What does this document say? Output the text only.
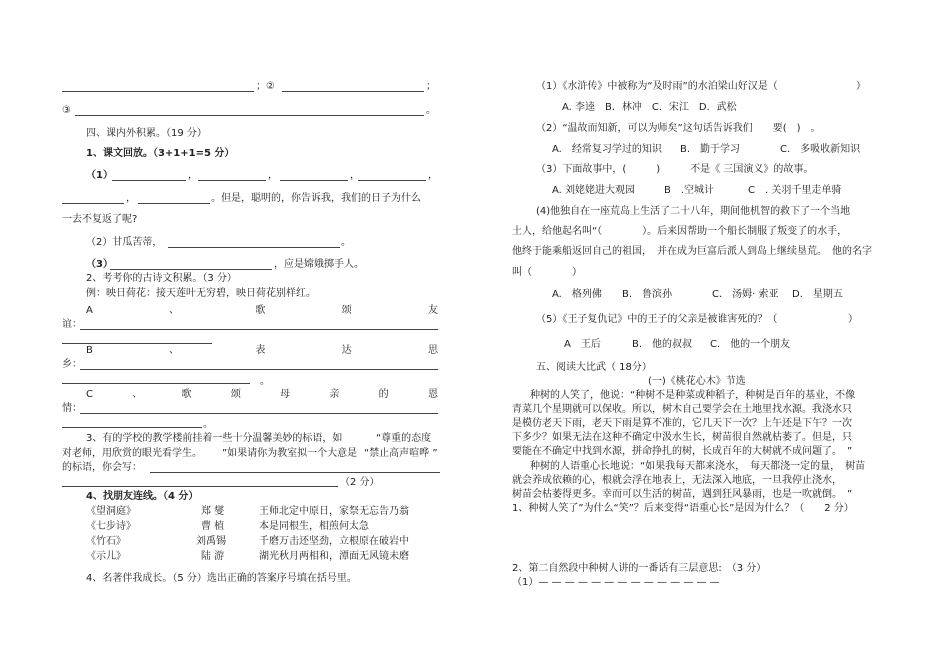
；②	；
③	。
四、课内外积累。（19 分）
1、课文回放。（3+1+1=5 分）
（1）	，	，	，	，
，	。但是，聪明的，你告诉我，我们的日子为什么
一去不复返了呢?
（2）甘瓜苦蒂，	。
（3）	，应是嫦娥掷手人。
2、考考你的古诗文积累。（3 分）
例：映日荷花：接天莲叶无穷碧，映日荷花别样红。
A	、	歌	颂	友
谊：
B	、	表	达	思
乡：
。
C	、	歌	颂	母	亲	的	恩
情：
。
3、有的学校的教学楼前挂着一些十分温馨美妙的标语，如	“尊重的态度
对老师，用欣赏的眼光看学生。 ”如果请你为教室拟一个大意是 “禁止高声喧哗 ”
的标语，你会写：
（2 分）
4、找朋友连线。（4 分）
《望洞庭》	郑 燮	王师北定中原日，家祭无忘告乃翁
《七步诗》	曹 植	本是同根生，相煎何太急
《竹石》	刘禹锡	千磨万击还坚劲，立根原在破岩中
《示儿》	陆 游	湖光秋月两相和，潭面无风镜未磨
4、名著伴我成长。（5 分）选出正确的答案序号填在括号里。
（1）《水浒传》中被称为“及时雨”的水泊梁山好汉是（	）
A. 李逵　B．林冲　C．宋江　D．武松
（2）“温故而知新，可以为师矣”这句话告诉我们　　要(　)　。
A.　经常复习学过的知识 B.　勤于学习	C.　多吸收新知识
（3）下面故事中，(　　　)　　　不是《 三国演义》的故事。
A. 刘姥姥进大观园	B　.空城计	C　. 关羽千里走单骑
(4)他独自在一座荒岛上生活了二十八年，期间他机智的救下了一个当地
土人，给他起名叫“（　　　　）。后来因帮助一个船长制服了叛变了的水手，
他终于能乘船返回自己的祖国，　并在成为巨富后派人到岛上继续垦荒。　他的名字
叫（　　　　）
A.　格列佛 B.　鲁滨孙	C.　汤姆· 索亚 D.　星期五
（5）《王子复仇记》中的王子的父亲是被谁害死的？（	）
A　王后	B.　他的叔叔 C.　他的一个朋友
五、阅读大比武（ 18分）
(一)《桃花心木》节选
种树的人笑了，他说：“种树不是种菜或种稻子，种树是百年的基业，不像
青菜几个星期就可以保收。所以，树木自己要学会在土地里找水源。我浇水只
是模仿老天下雨，老天下雨是算不准的，它几天下一次？上午还是下午？一次
下多少？如果无法在这种不确定中汲水生长，树苗很自然就枯萎了。但是，只
要能在不确定中找到水源，拼命挣扎的树，长成百年的大树就不成问题了。　”
种树的人语重心长地说：“如果我每天都来浇水，　每天都浇一定的量，　树苗
就会养成依赖的心，根就会浮在地表上，无法深入地底，一旦我停止浇水，
树苗会枯萎得更多。幸而可以生活的树苗，遇到狂风暴雨，也是一吹就倒。　”
1、种树人笑了”为什么“笑”？后来变得“语重心长”是因为什么？（　　2 分）
2、第二自然段中种树人讲的一番话有三层意思:　（3 分）
（1）— — — — — — — — — — — — — —
